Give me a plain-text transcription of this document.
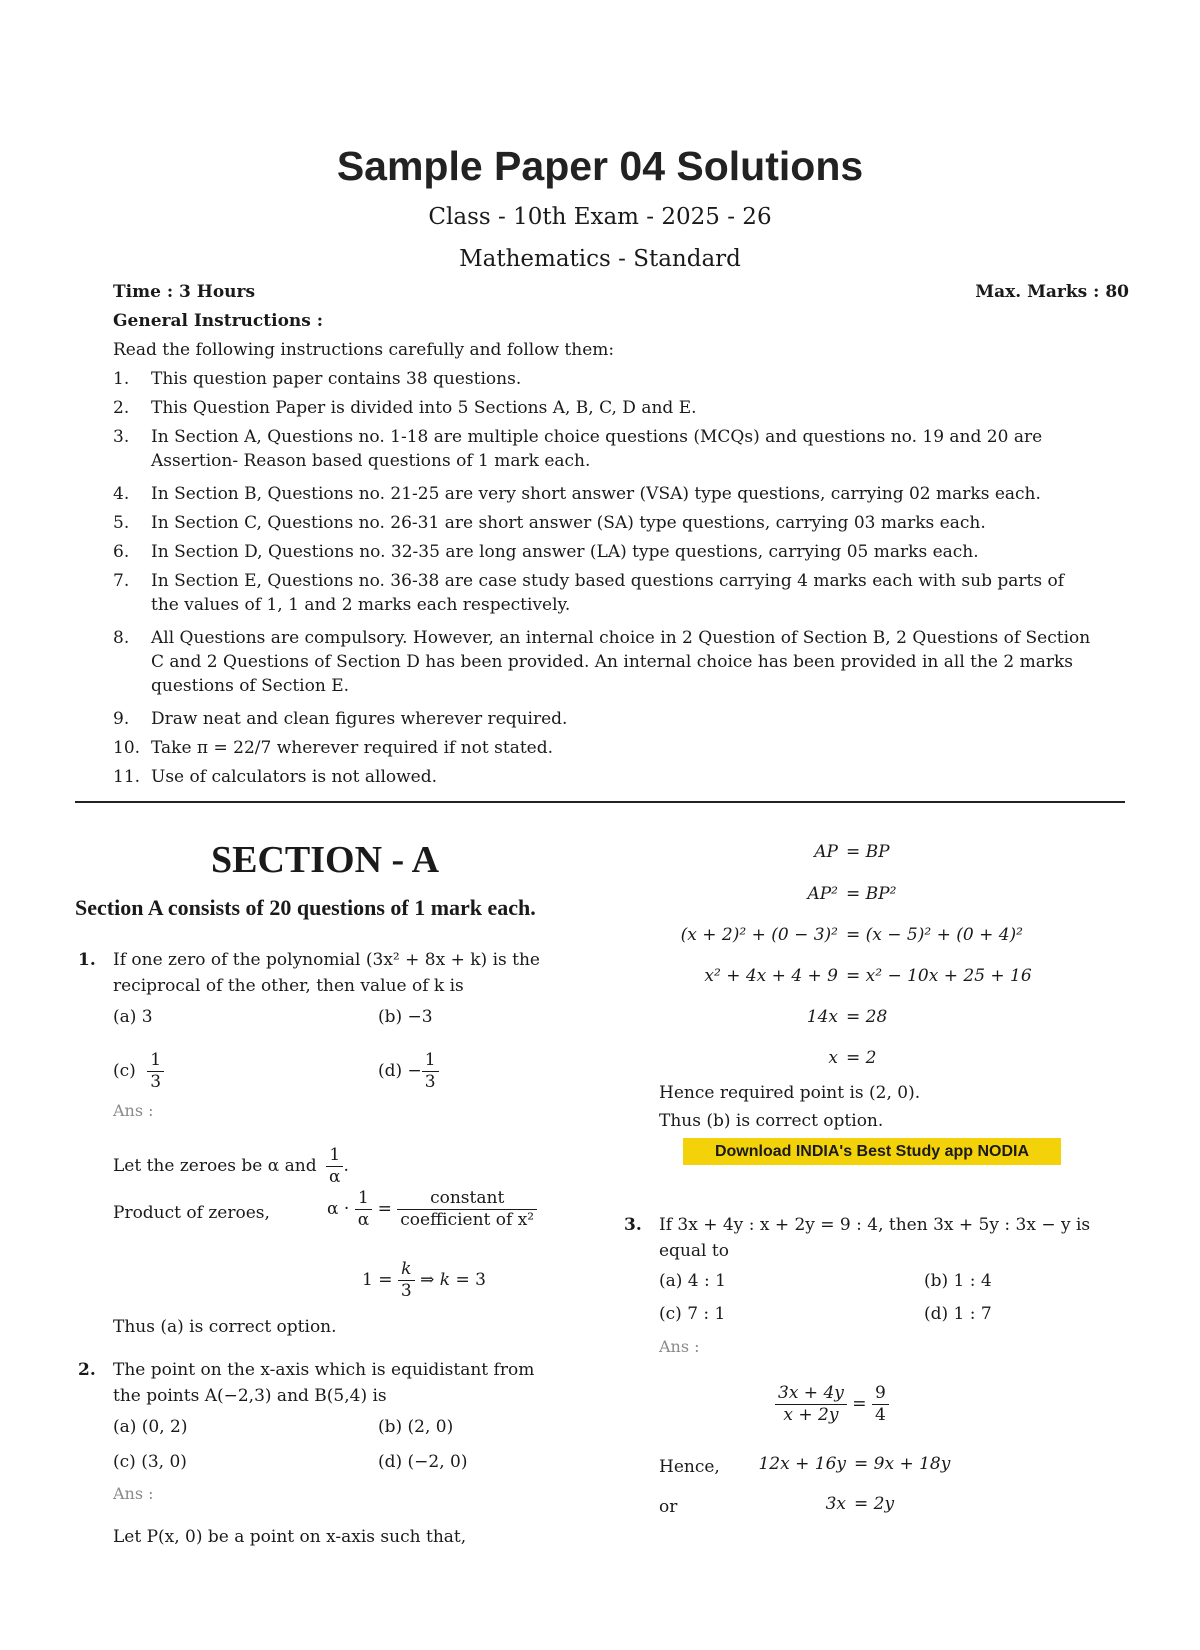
Sample Paper 04 Solutions
Class - 10th Exam - 2025 - 26
Mathematics - Standard
Time : 3 Hours	Max. Marks : 80
General Instructions :
Read the following instructions carefully and follow them:
1.	This question paper contains 38 questions.
2.	This Question Paper is divided into 5 Sections A, B, C, D and E.
3.	In Section A, Questions no. 1-18 are multiple choice questions (MCQs) and questions no. 19 and 20 are
Assertion- Reason based questions of 1 mark each.
4.	In Section B, Questions no. 21-25 are very short answer (VSA) type questions, carrying 02 marks each.
5.	In Section C, Questions no. 26-31 are short answer (SA) type questions, carrying 03 marks each.
6.	In Section D, Questions no. 32-35 are long answer (LA) type questions, carrying 05 marks each.
7.	In Section E, Questions no. 36-38 are case study based questions carrying 4 marks each with sub parts of
the values of 1, 1 and 2 marks each respectively.
8.	All Questions are compulsory. However, an internal choice in 2 Question of Section B, 2 Questions of Section
C and 2 Questions of Section D has been provided. An internal choice has been provided in all the 2 marks
questions of Section E.
9.	Draw neat and clean figures wherever required.
10. Take π = 22/7 wherever required if not stated.
11. Use of calculators is not allowed.
SECTION - A
Section A consists of 20 questions of 1 mark each.
1. If one zero of the polynomial (3x² + 8x + k) is the
reciprocal of the other, then value of k is
(a) 3	(b) −3
$(c) \frac{1}{3}$	$(d) - \frac{1}{3}$
Ans :
Let the zeroes be α and $\frac{1}{\alpha}$ .
Product of zeroes,	$\alpha \cdot \frac{1}{\alpha} = \frac{\text{constant}}{\text{coefficient of x²}}$
$1 = \frac{k}{3}$ ⇒ k = 3
Thus (a) is correct option.
2. The point on the x-axis which is equidistant from
the points A(−2,3) and B(5,4) is
(a) (0, 2)	(b) (2, 0)
(c) (3, 0)	(d) (−2, 0)
Ans :
Let P(x, 0) be a point on x-axis such that,
AP = BP
AP² = BP²
(x + 2)² + (0 − 3)² = (x − 5)² + (0 + 4)²
x² + 4x + 4 + 9 = x² − 10x + 25 + 16
14x = 28
x = 2
Hence required point is (2, 0).
Thus (b) is correct option.
Download INDIA's Best Study app NODIA
3. If 3x + 4y : x + 2y = 9 : 4, then 3x + 5y : 3x − y is
equal to
(a) 4 : 1	(b) 1 : 4
(c) 7 : 1	(d) 1 : 7
Ans :
$\frac{3x + 4y}{x + 2y} = \frac{9}{4}$
Hence,	12x + 16y = 9x + 18y
or	3x = 2y
